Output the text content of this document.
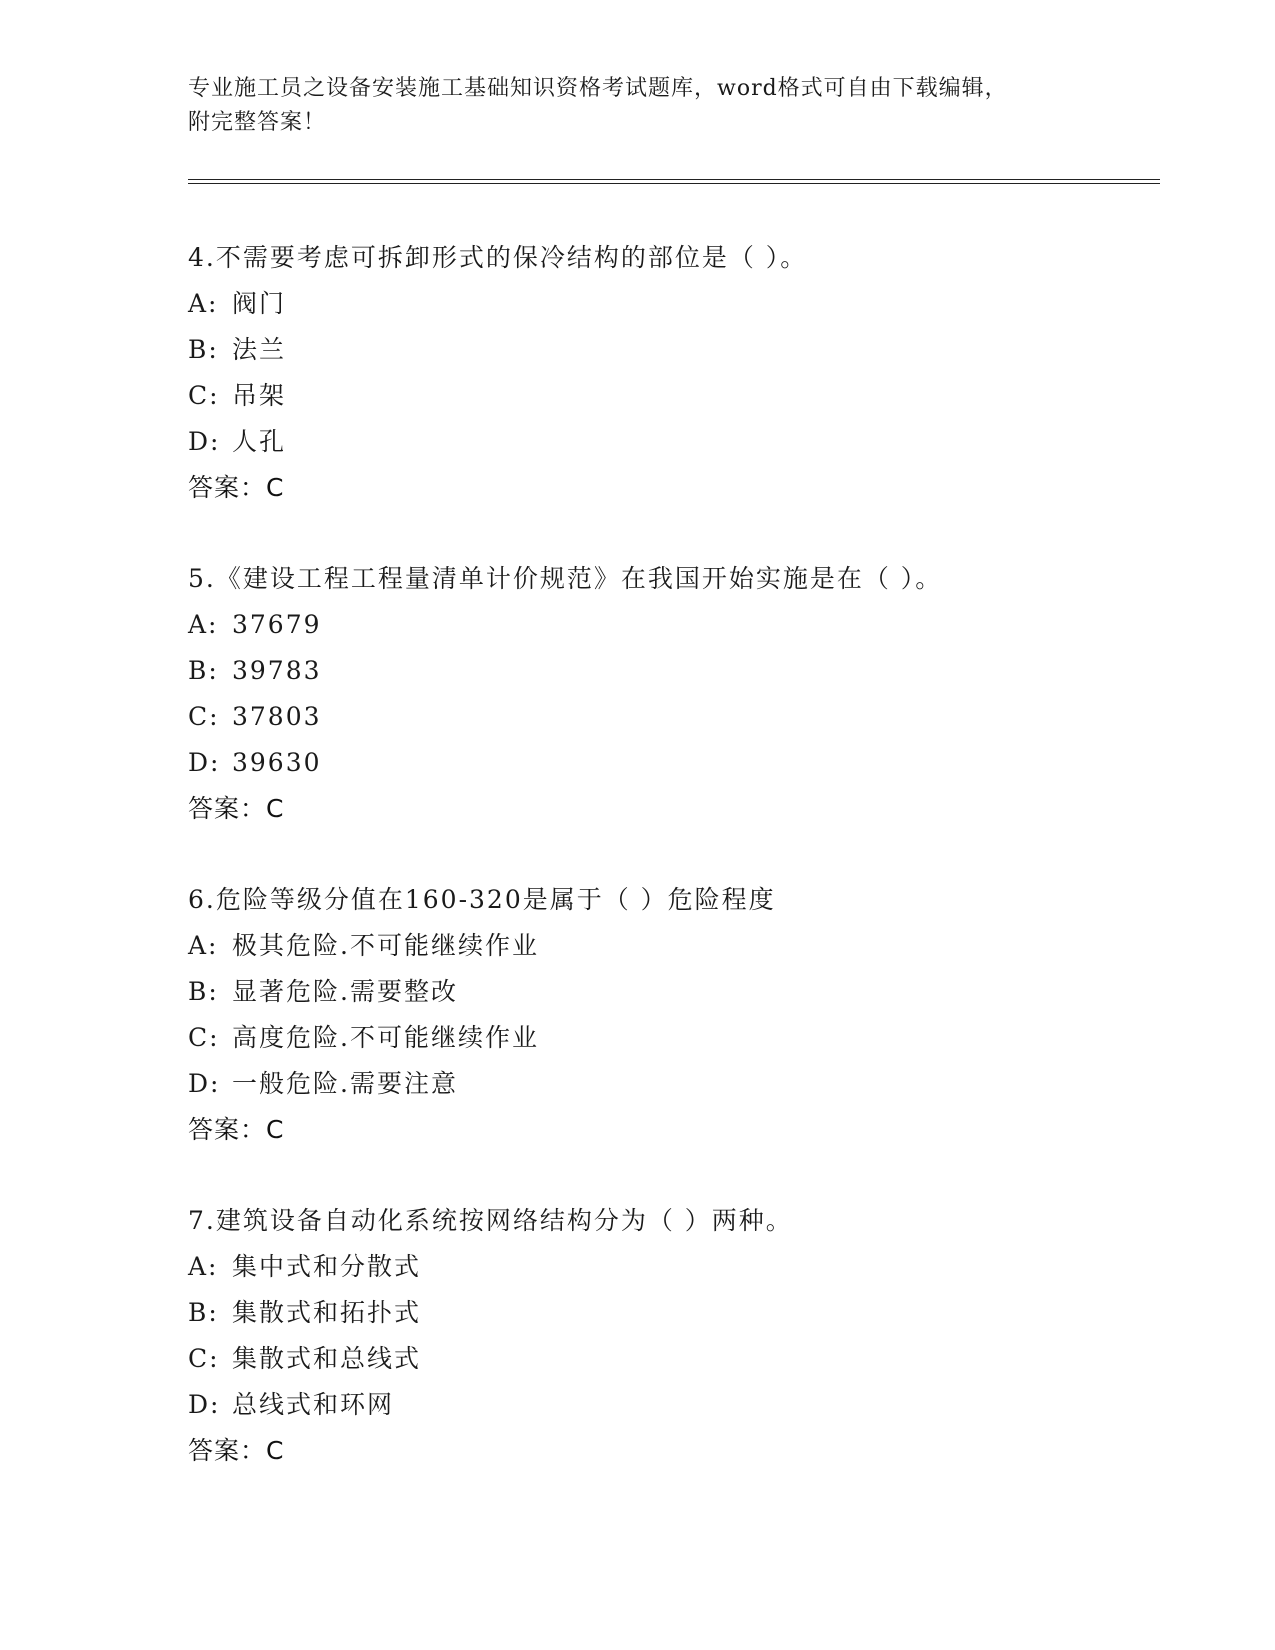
专业施工员之设备安装施工基础知识资格考试题库，word格式可自由下载编辑，
附完整答案！
4.不需要考虑可拆卸形式的保冷结构的部位是（ ）。
A: 阀门
B: 法兰
C: 吊架
D: 人孔
答案：C
5.《建设工程工程量清单计价规范》在我国开始实施是在（ ）。
A: 37679
B: 39783
C: 37803
D: 39630
答案：C
6.危险等级分值在160-320是属于（ ）危险程度
A: 极其危险.不可能继续作业
B: 显著危险.需要整改
C: 高度危险.不可能继续作业
D: 一般危险.需要注意
答案：C
7.建筑设备自动化系统按网络结构分为（ ）两种。
A: 集中式和分散式
B: 集散式和拓扑式
C: 集散式和总线式
D: 总线式和环网
答案：C
